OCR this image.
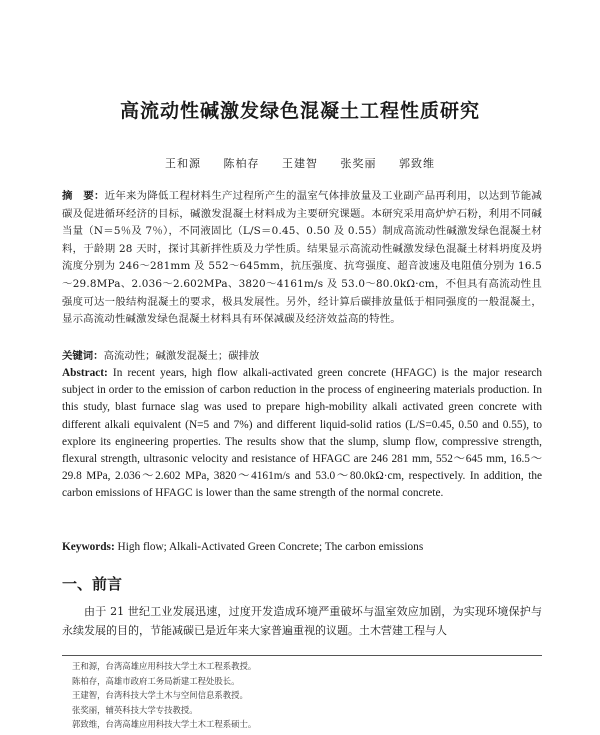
高流动性碱激发绿色混凝土工程性质研究
王和源 陈柏存 王建智 张奖丽 郭致维
摘　要：近年来为降低工程材料生产过程所产生的温室气体排放量及工业副产品再利用，以达到节能减碳及促进循环经济的目标，碱激发混凝土材料成为主要研究课题。本研究采用高炉炉石粉，利用不同碱当量（N＝5％及 7％），不同液固比（L/S＝0.45、0.50 及 0.55）制成高流动性碱激发绿色混凝土材料，于龄期 28 天时，探讨其新拌性质及力学性质。结果显示高流动性碱激发绿色混凝土材料坍度及坍流度分别为 246～281mm 及 552～645mm，抗压强度、抗弯强度、超音波速及电阻值分别为 16.5～29.8MPa、2.036～2.602MPa、3820～4161m/s 及 53.0～80.0kΩ·cm，不但具有高流动性且强度可达一般结构混凝土的要求，极具发展性。另外，经计算后碳排放量低于相同强度的一般混凝土，显示高流动性碱激发绿色混凝土材料具有环保减碳及经济效益高的特性。
关键词：高流动性；碱激发混凝土；碳排放
Abstract: In recent years, high flow alkali-activated green concrete (HFAGC) is the major research subject in order to the emission of carbon reduction in the process of engineering materials production. In this study, blast furnace slag was used to prepare high-mobility alkali activated green concrete with different alkali equivalent (N=5 and 7%) and different liquid-solid ratios (L/S=0.45, 0.50 and 0.55), to explore its engineering properties. The results show that the slump, slump flow, compressive strength, flexural strength, ultrasonic velocity and resistance of HFAGC are 246 281 mm, 552～645 mm, 16.5～29.8 MPa, 2.036～2.602 MPa, 3820～4161m/s and 53.0～80.0kΩ·cm, respectively. In addition, the carbon emissions of HFAGC is lower than the same strength of the normal concrete.
Keywords: High flow; Alkali-Activated Green Concrete; The carbon emissions
一、前言
由于 21 世纪工业发展迅速，过度开发造成环境严重破坏与温室效应加剧，为实现环境保护与永续发展的目的，节能减碳已是近年来大家普遍重视的议题。土木营建工程与人
王和源，台湾高雄应用科技大学土木工程系教授。
陈柏存，高雄市政府工务局新建工程处股长。
王建智，台湾科技大学土木与空间信息系教授。
张奖丽，辅英科技大学专技教授。
郭致维，台湾高雄应用科技大学土木工程系硕士。
